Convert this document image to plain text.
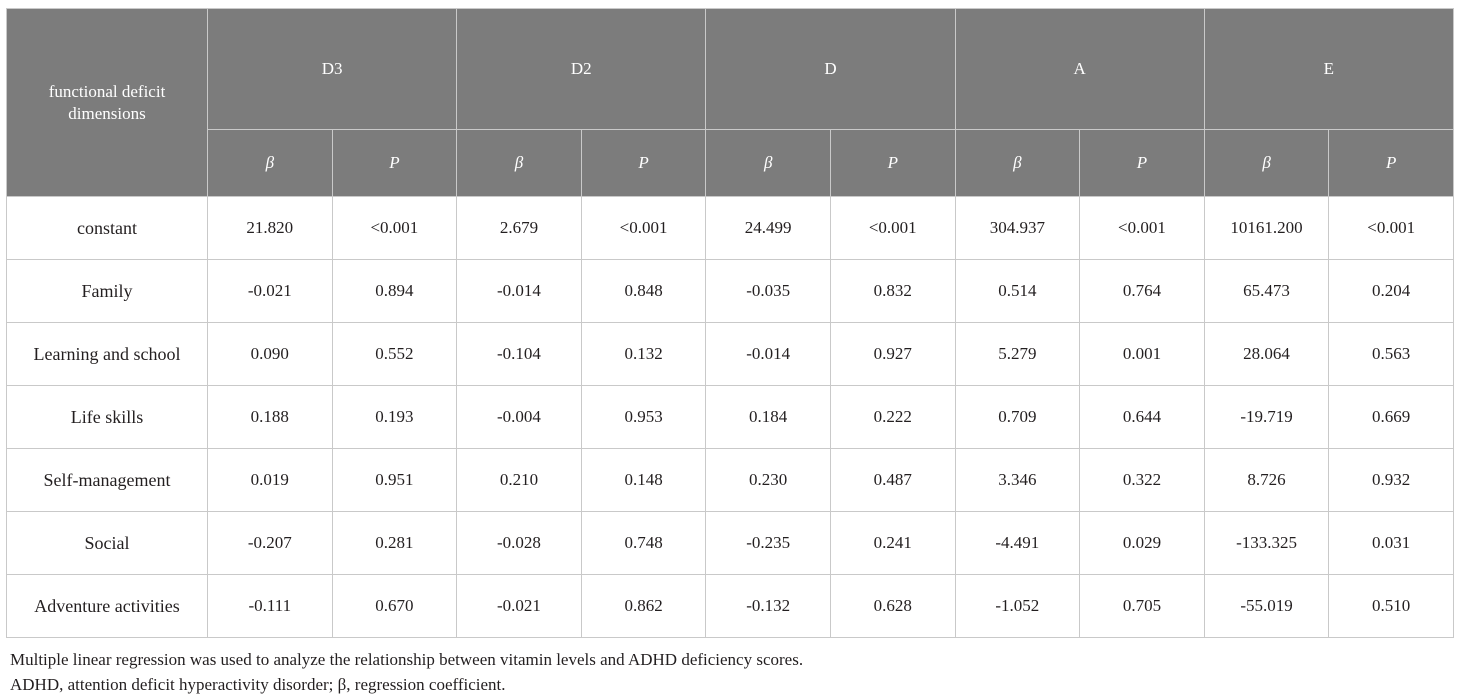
functional deficit dimensions	D3		D2		D		A		E	
	β	P	β	P	β	P	β	P	β	P
constant	21.820	<0.001	2.679	<0.001	24.499	<0.001	304.937	<0.001	10161.200	<0.001
Family	-0.021	0.894	-0.014	0.848	-0.035	0.832	0.514	0.764	65.473	0.204
Learning and school	0.090	0.552	-0.104	0.132	-0.014	0.927	5.279	0.001	28.064	0.563
Life skills	0.188	0.193	-0.004	0.953	0.184	0.222	0.709	0.644	-19.719	0.669
Self-management	0.019	0.951	0.210	0.148	0.230	0.487	3.346	0.322	8.726	0.932
Social	-0.207	0.281	-0.028	0.748	-0.235	0.241	-4.491	0.029	-133.325	0.031
Adventure activities	-0.111	0.670	-0.021	0.862	-0.132	0.628	-1.052	0.705	-55.019	0.510
Multiple linear regression was used to analyze the relationship between vitamin levels and ADHD deficiency scores.
ADHD, attention deficit hyperactivity disorder; β, regression coefficient.
